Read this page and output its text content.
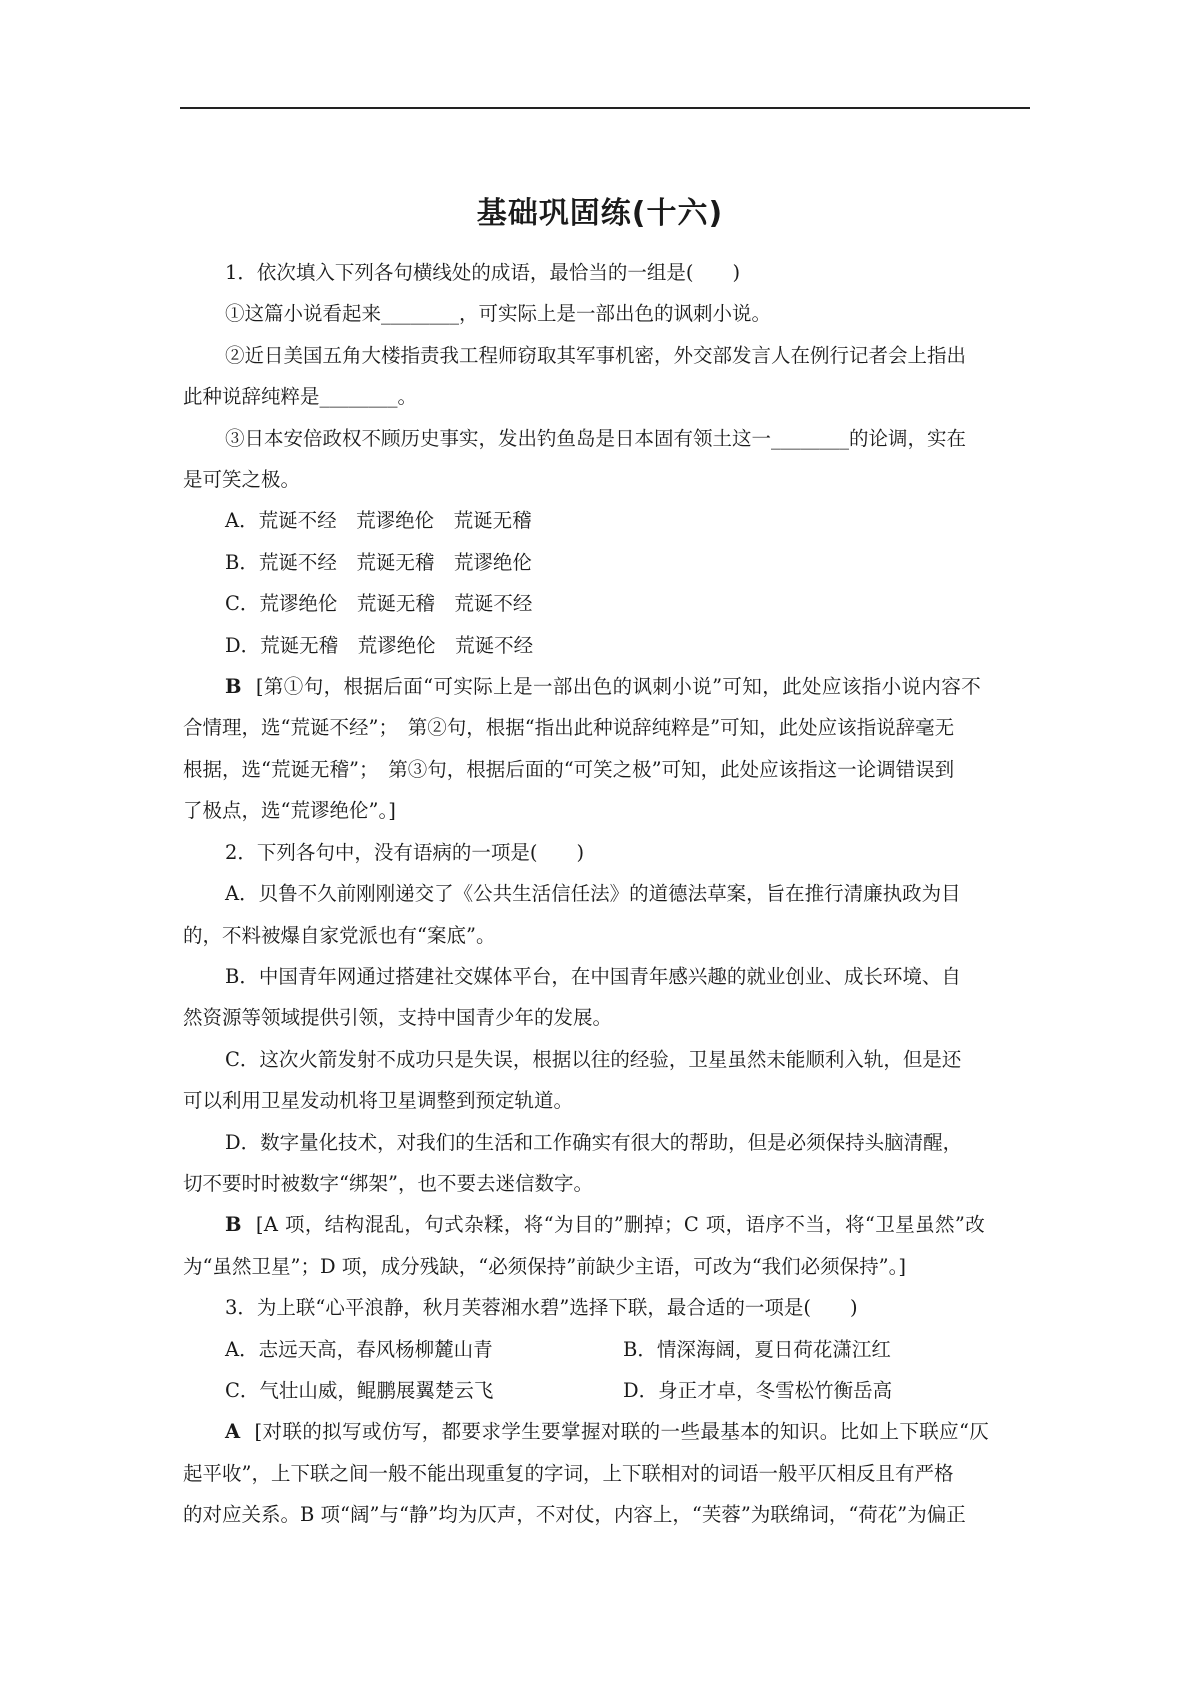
基础巩固练(十六)

1．依次填入下列各句横线处的成语，最恰当的一组是(　　)

①这篇小说看起来________，可实际上是一部出色的讽刺小说。

②近日美国五角大楼指责我工程师窃取其军事机密，外交部发言人在例行记者会上指出

此种说辞纯粹是________。

③日本安倍政权不顾历史事实，发出钓鱼岛是日本固有领土这一________的论调，实在

是可笑之极。

A．荒诞不经　荒谬绝伦　荒诞无稽

B．荒诞不经　荒诞无稽　荒谬绝伦

C．荒谬绝伦　荒诞无稽　荒诞不经

D．荒诞无稽　荒谬绝伦　荒诞不经

B [第①句，根据后面“可实际上是一部出色的讽刺小说”可知，此处应该指小说内容不

合情理，选“荒诞不经”；　第②句，根据“指出此种说辞纯粹是”可知，此处应该指说辞毫无

根据，选“荒诞无稽”；　第③句，根据后面的“可笑之极”可知，此处应该指这一论调错误到

了极点，选“荒谬绝伦”。]

2．下列各句中，没有语病的一项是(　　)

A．贝鲁不久前刚刚递交了《公共生活信任法》的道德法草案，旨在推行清廉执政为目

的，不料被爆自家党派也有“案底”。

B．中国青年网通过搭建社交媒体平台，在中国青年感兴趣的就业创业、成长环境、自

然资源等领域提供引领，支持中国青少年的发展。

C．这次火箭发射不成功只是失误，根据以往的经验，卫星虽然未能顺利入轨，但是还

可以利用卫星发动机将卫星调整到预定轨道。

D．数字量化技术，对我们的生活和工作确实有很大的帮助，但是必须保持头脑清醒，

切不要时时被数字“绑架”，也不要去迷信数字。

B [A 项，结构混乱，句式杂糅，将“为目的”删掉；C 项，语序不当，将“卫星虽然”改

为“虽然卫星”；D 项，成分残缺，“必须保持”前缺少主语，可改为“我们必须保持”。]

3．为上联“心平浪静，秋月芙蓉湘水碧”选择下联，最合适的一项是(　　)

A．志远天高，春风杨柳麓山青	B．情深海阔，夏日荷花潇江红
C．气壮山威，鲲鹏展翼楚云飞	D．身正才卓，冬雪松竹衡岳高

A [对联的拟写或仿写，都要求学生要掌握对联的一些最基本的知识。比如上下联应“仄

起平收”，上下联之间一般不能出现重复的字词，上下联相对的词语一般平仄相反且有严格

的对应关系。B 项“阔”与“静”均为仄声，不对仗，内容上，“芙蓉”为联绵词，“荷花”为偏正
